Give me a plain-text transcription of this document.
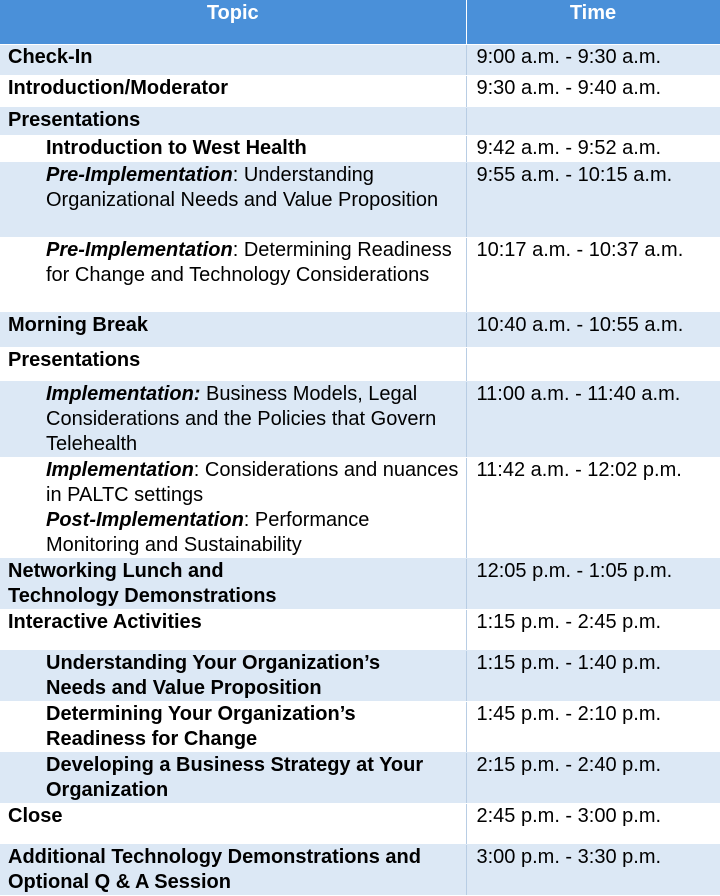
Topic	Time
Check-In	9:00 a.m. - 9:30 a.m.
Introduction/Moderator	9:30 a.m. - 9:40 a.m.
Presentations	
Introduction to West Health	9:42 a.m. - 9:52 a.m.
Pre-Implementation: Understanding Organizational Needs and Value Proposition	9:55 a.m. - 10:15 a.m.
Pre-Implementation: Determining Readiness for Change and Technology Considerations	10:17 a.m. - 10:37 a.m.
Morning Break	10:40 a.m. - 10:55 a.m.
Presentations	
Implementation: Business Models, Legal Considerations and the Policies that Govern Telehealth	11:00 a.m. - 11:40 a.m.

Implementation: Considerations and nuances in PALTC settings
Post-Implementation: Performance Monitoring and Sustainability	11:42 a.m. - 12:02 p.m.

Networking Lunch and
Technology Demonstrations	12:05 p.m. - 1:05 p.m.
Interactive Activities	1:15 p.m. - 2:45 p.m.

Understanding Your Organization’s
Needs and Value Proposition	1:15 p.m. - 1:40 p.m.

Determining Your Organization’s
Readiness for Change	1:45 p.m. - 2:10 p.m.

Developing a Business Strategy at Your
Organization	2:15 p.m. - 2:40 p.m.
Close	2:45 p.m. - 3:00 p.m.

Additional Technology Demonstrations and
Optional Q & A Session	3:00 p.m. - 3:30 p.m.
